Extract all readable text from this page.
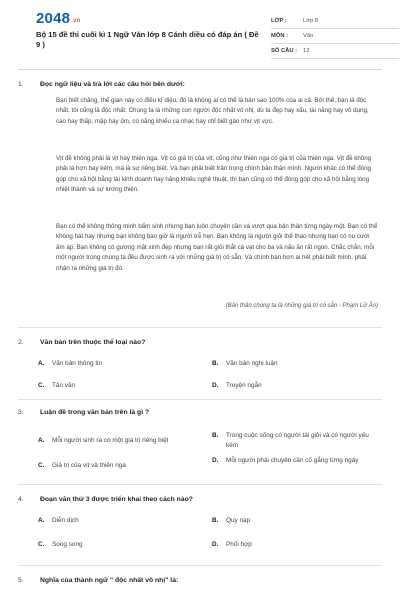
2048.vn
Bộ 15 đề thi cuối kì 1 Ngữ Văn lớp 8 Cánh diều có đáp án ( Đề 9 )
LỚP :	Lớp 8
MÔN :	Văn
SỐ CÂU :	12
1.	Đọc ngữ liệu và trả lời các câu hỏi bên dưới:

Bạn biết chăng, thế gian này có điều kì diệu, đó là không ai có thể là bản sao 100% của ai cả. Bởi thế, bạn là độc nhất, tôi cũng là độc nhất. Chúng ta là những con người độc nhất vô nhị, dù ta đẹp hay xấu, tài năng hay vô dụng, cao hay thấp, mập hay ốm, có năng khiếu ca nhạc hay chỉ biết gào như vịt vực.

Vịt đề không phải là vịt hay thiên nga. Vịt có giá trị của vịt, cũng như thiên nga có giá trị của thiên nga. Vịt đề không phải là hơn hay kém, mà là sự riêng biệt. Và bạn phải biết trân trọng chính bản thân mình. Người khác có thể đóng góp cho xã hội bằng tài kinh doanh hay năng khiếu nghệ thuật, thì bạn cũng có thể đóng góp cho xã hội bằng lòng nhiệt thành và sự lương thiện.

Bạn có thể không thông minh bẩm sinh nhưng bạn luôn chuyên cần và vượt qua bản thân từng ngày một. Bạn có thể không hát hay nhưng bạn không bao giờ là người trễ hẹn. Bạn không là người giỏi thể thao nhưng bạn có nụ cười ấm áp. Bạn không có gương mặt xinh đẹp nhưng bạn rất giỏi thắt cà vạt cho ba và nấu ăn rất ngon. Chắc chắn, mỗi một người trong chúng ta đều được sinh ra với những giá trị có sẵn. Và chính bạn hơn ai hết phải biết mình, phải nhận ra những giá trị đó.

(Bản thân chúng ta là những giá trị có sẵn - Phạm Lữ Ân)

2.	Văn bản trên thuộc thể loại nào?
A.	Văn bản thông tin	B.	Văn bản nghị luận
C.	Tản văn	D.	Truyện ngắn
3.	Luận đề trong văn bản trên là gì ?
A.	Mỗi người sinh ra có một giá trị riêng biệt
B.	Trong cuộc sống có người tài giỏi và có người yếu kém
C.	Giá trị của vịt và thiên nga
D.	Mỗi người phải chuyên cần cố gắng từng ngày
4.	Đoạn văn thứ 3 được triển khai theo cách nào?
A.	Diễn dịch	B.	Quy nạp
C.	Song song	D.	Phối hợp
5.	Nghĩa của thành ngữ " độc nhất vô nhị" là:
